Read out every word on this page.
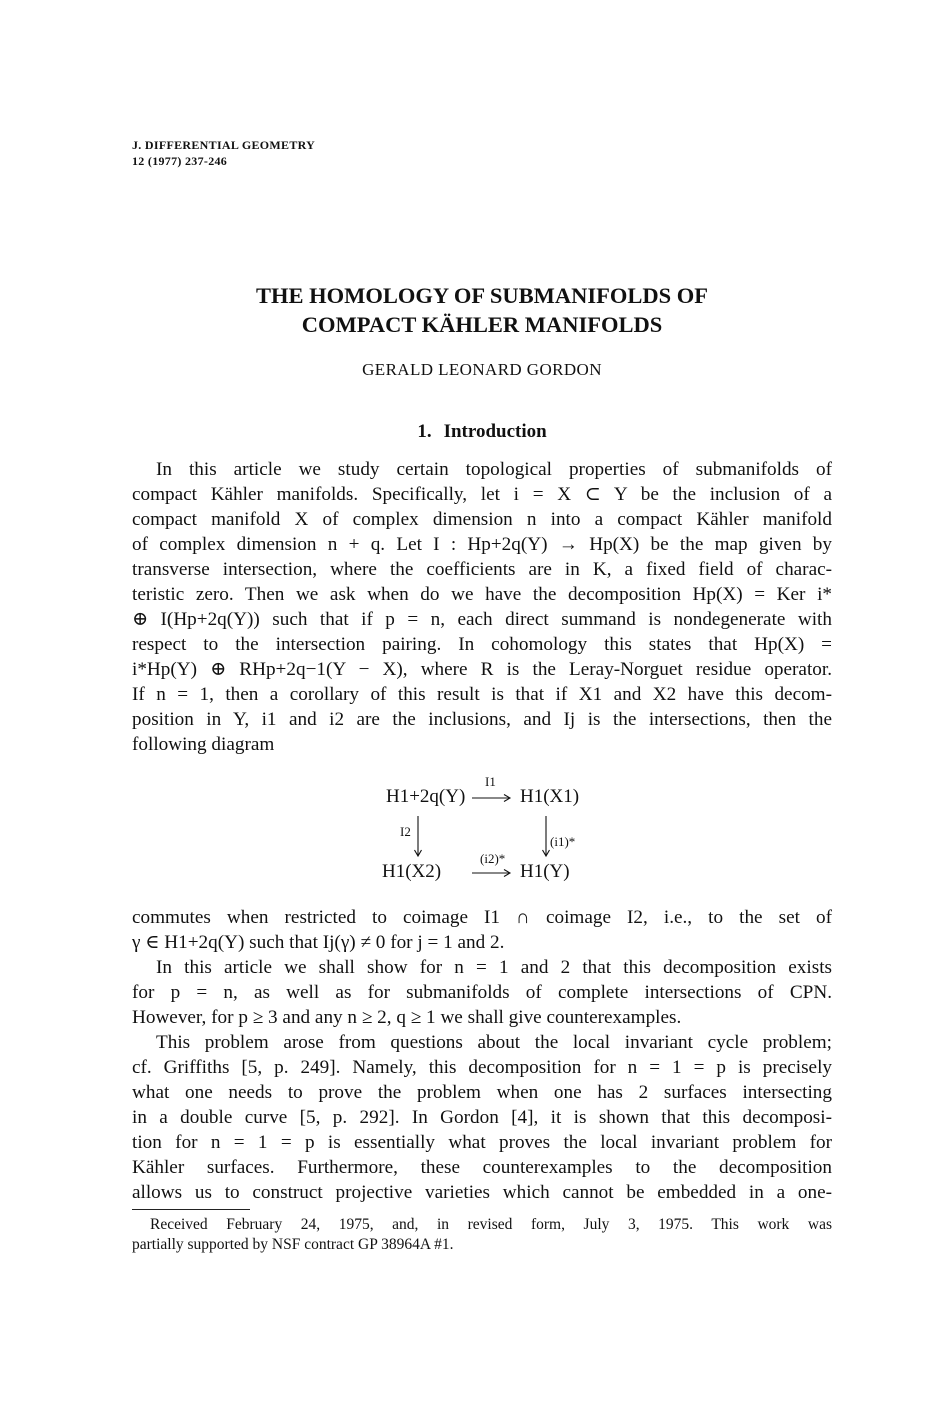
J. DIFFERENTIAL GEOMETRY
12 (1977) 237-246
THE HOMOLOGY OF SUBMANIFOLDS OF
COMPACT KÄHLER MANIFOLDS
GERALD LEONARD GORDON
1. Introduction
In this article we study certain topological properties of submanifolds of
compact Kähler manifolds. Specifically, let i = X ⊂ Y be the inclusion of a
compact manifold X of complex dimension n into a compact Kähler manifold
of complex dimension n + q. Let I : Hp+2q(Y) → Hp(X) be the map given by
transverse intersection, where the coefficients are in K, a fixed field of charac-
teristic zero. Then we ask when do we have the decomposition Hp(X) = Ker i*
⊕ I(Hp+2q(Y)) such that if p = n, each direct summand is nondegenerate with
respect to the intersection pairing. In cohomology this states that Hp(X) =
i*Hp(Y) ⊕ RHp+2q−1(Y − X), where R is the Leray-Norguet residue operator.
If n = 1, then a corollary of this result is that if X1 and X2 have this decom-
position in Y, i1 and i2 are the inclusions, and Ij is the intersections, then the
following diagram
H1+2q(Y)	H1(X1)
H1(X2)	H1(Y)
I1
I2
(i1)*
(i2)*
commutes when restricted to coimage I1 ∩ coimage I2, i.e., to the set of
γ ∈ H1+2q(Y) such that Ij(γ) ≠ 0 for j = 1 and 2.
In this article we shall show for n = 1 and 2 that this decomposition exists
for p = n, as well as for submanifolds of complete intersections of CPN.
However, for p ≥ 3 and any n ≥ 2, q ≥ 1 we shall give counterexamples.
This problem arose from questions about the local invariant cycle problem;
cf. Griffiths [5, p. 249]. Namely, this decomposition for n = 1 = p is precisely
what one needs to prove the problem when one has 2 surfaces intersecting
in a double curve [5, p. 292]. In Gordon [4], it is shown that this decomposi-
tion for n = 1 = p is essentially what proves the local invariant problem for
Kähler surfaces. Furthermore, these counterexamples to the decomposition
allows us to construct projective varieties which cannot be embedded in a one-
Received February 24, 1975, and, in revised form, July 3, 1975. This work was
partially supported by NSF contract GP 38964A #1.
